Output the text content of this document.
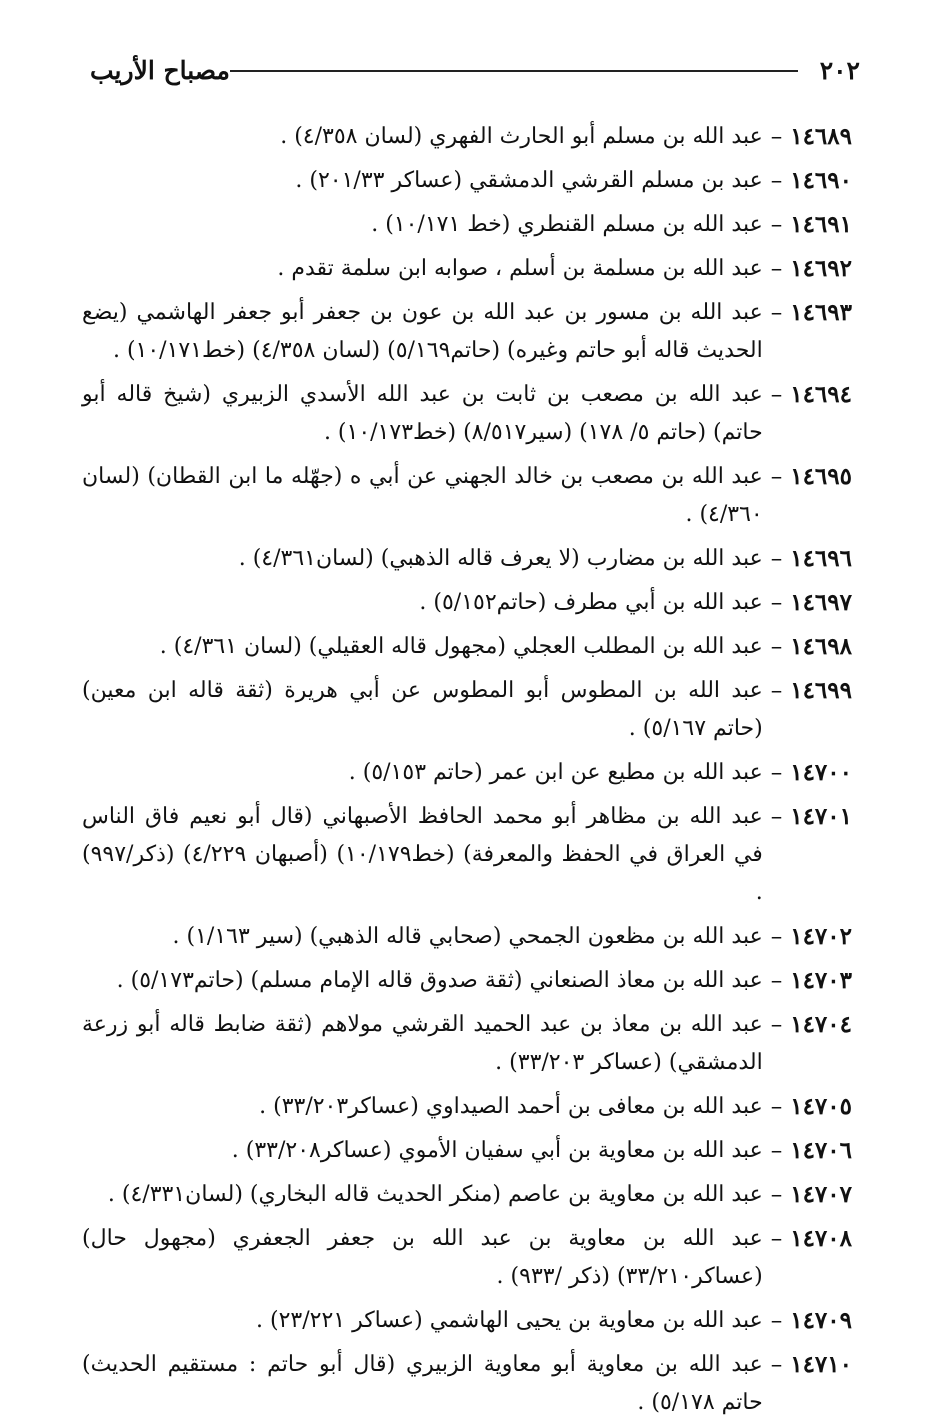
٢٠٢
مصباح الأريب
١٤٦٨٩
–
عبد الله بن مسلم أبو الحارث الفهري (لسان ٤/٣٥٨) .
١٤٦٩٠
–
عبد بن مسلم القرشي الدمشقي (عساكر ٢٠١/٣٣) .
١٤٦٩١
–
عبد الله بن مسلم القنطري (خط ١٠/١٧١) .
١٤٦٩٢
–
عبد الله بن مسلمة بن أسلم ، صوابه ابن سلمة تقدم .
١٤٦٩٣
–
عبد الله بن مسور بن عبد الله بن عون بن جعفر أبو جعفر الهاشمي (يضع الحديث قاله أبو حاتم وغيره) (حاتم٥/١٦٩) (لسان ٤/٣٥٨) (خط١٠/١٧١) .
١٤٦٩٤
–
عبد الله بن مصعب بن ثابت بن عبد الله الأسدي الزبيري (شيخ قاله أبو حاتم) (حاتم ٥/ ١٧٨) (سير٨/٥١٧) (خط١٠/١٧٣) .
١٤٦٩٥
–
عبد الله بن مصعب بن خالد الجهني عن أبي ه (جهّله ما ابن القطان) (لسان ٤/٣٦٠) .
١٤٦٩٦
–
عبد الله بن مضارب (لا يعرف قاله الذهبي) (لسان٤/٣٦١) .
١٤٦٩٧
–
عبد الله بن أبي مطرف (حاتم٥/١٥٢) .
١٤٦٩٨
–
عبد الله بن المطلب العجلي (مجهول قاله العقيلي) (لسان ٤/٣٦١) .
١٤٦٩٩
–
عبد الله بن المطوس أبو المطوس عن أبي هريرة (ثقة قاله ابن معين) (حاتم ٥/١٦٧) .
١٤٧٠٠
–
عبد الله بن مطيع عن ابن عمر (حاتم ٥/١٥٣) .
١٤٧٠١
–
عبد الله بن مظاهر أبو محمد الحافظ الأصبهاني (قال أبو نعيم فاق الناس في العراق في الحفظ والمعرفة) (خط١٠/١٧٩) (أصبهان ٤/٢٢٩) (ذكر/٩٩٧) .
١٤٧٠٢
–
عبد الله بن مظعون الجمحي (صحابي قاله الذهبي) (سير ١/١٦٣) .
١٤٧٠٣
–
عبد الله بن معاذ الصنعاني (ثقة صدوق قاله الإمام مسلم) (حاتم٥/١٧٣) .
١٤٧٠٤
–
عبد الله بن معاذ بن عبد الحميد القرشي مولاهم (ثقة ضابط قاله أبو زرعة الدمشقي) (عساكر ٣٣/٢٠٣) .
١٤٧٠٥
–
عبد الله بن معافى بن أحمد الصيداوي (عساكر٣٣/٢٠٣) .
١٤٧٠٦
–
عبد الله بن معاوية بن أبي سفيان الأموي (عساكر٣٣/٢٠٨) .
١٤٧٠٧
–
عبد الله بن معاوية بن عاصم (منكر الحديث قاله البخاري) (لسان٤/٣٣١) .
١٤٧٠٨
–
عبد الله بن معاوية بن عبد الله بن جعفر الجعفري (مجهول حال) (عساكر٣٣/٢١٠) (ذكر /٩٣٣) .
١٤٧٠٩
–
عبد الله بن معاوية بن يحيى الهاشمي (عساكر ٢٣/٢٢١) .
١٤٧١٠
–
عبد الله بن معاوية أبو معاوية الزبيري (قال أبو حاتم : مستقيم الحديث) حاتم ٥/١٧٨) .
